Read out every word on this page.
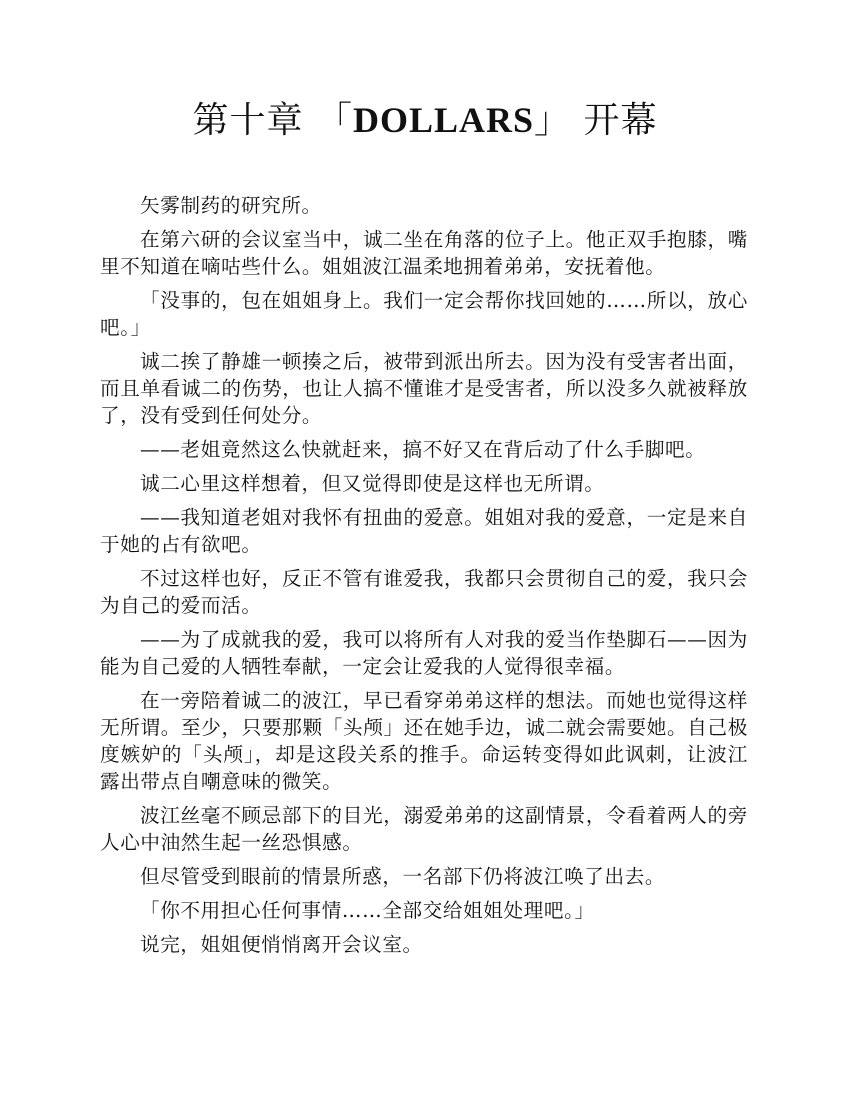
第十章 「DOLLARS」 开幕

矢雾制药的研究所。

在第六研的会议室当中，诚二坐在角落的位子上。他正双手抱膝，嘴里不知道在嘀咕些什么。姐姐波江温柔地拥着弟弟，安抚着他。

「没事的，包在姐姐身上。我们一定会帮你找回她的……所以，放心吧。」

诚二挨了静雄一顿揍之后，被带到派出所去。因为没有受害者出面，而且单看诚二的伤势，也让人搞不懂谁才是受害者，所以没多久就被释放了，没有受到任何处分。

——老姐竟然这么快就赶来，搞不好又在背后动了什么手脚吧。

诚二心里这样想着，但又觉得即使是这样也无所谓。

——我知道老姐对我怀有扭曲的爱意。姐姐对我的爱意，一定是来自于她的占有欲吧。

不过这样也好，反正不管有谁爱我，我都只会贯彻自己的爱，我只会为自己的爱而活。

——为了成就我的爱，我可以将所有人对我的爱当作垫脚石——因为能为自己爱的人牺牲奉献，一定会让爱我的人觉得很幸福。

在一旁陪着诚二的波江，早已看穿弟弟这样的想法。而她也觉得这样无所谓。至少，只要那颗「头颅」还在她手边，诚二就会需要她。自己极度嫉妒的「头颅」，却是这段关系的推手。命运转变得如此讽刺，让波江露出带点自嘲意味的微笑。

波江丝毫不顾忌部下的目光，溺爱弟弟的这副情景，令看着两人的旁人心中油然生起一丝恐惧感。

但尽管受到眼前的情景所惑，一名部下仍将波江唤了出去。

「你不用担心任何事情……全部交给姐姐处理吧。」

说完，姐姐便悄悄离开会议室。
